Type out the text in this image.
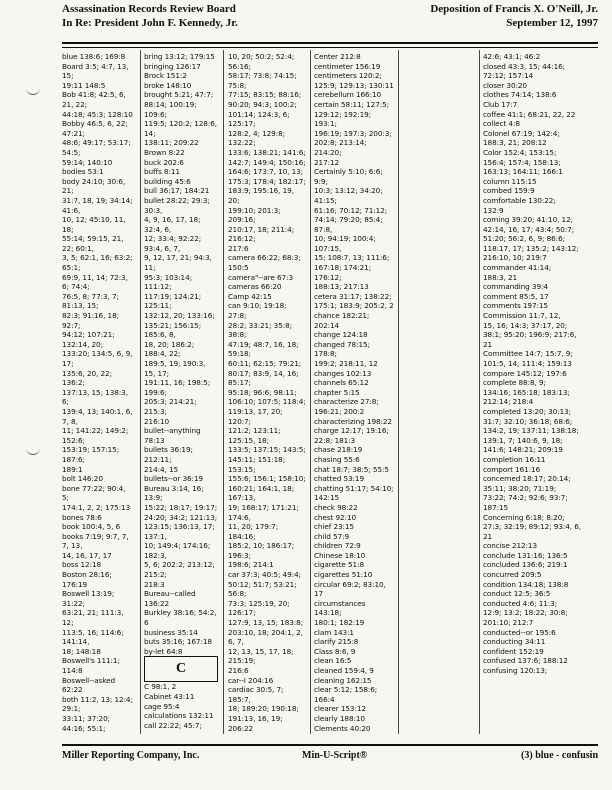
Assassination Records Review Board
In Re: President John F. Kennedy, Jr.
Deposition of Francis X. O'Neill, Jr.
September 12, 1997
blue 138:6; 169:8
Board 3:5; 4:7, 13, 15;
19:11 148:5
Bob 41:8; 42:5, 6, 21, 22;
44:18; 45:3; 128:10
Bobby 46:5, 6, 22; 47:21;
48:6; 49:17; 53:17; 54:5;
59:14; 140:10
bodies 53:1
body 24:10; 30:6, 21;
31:7, 18, 19; 34:14; 41:6,
10, 12; 45:10, 11, 18;
55:14; 59:15, 21, 22; 60:1,
3, 5; 62:1, 16; 63:2; 65:1;
69:9, 11, 14; 72:3, 6; 74:4;
76:5, 8; 77:3, 7; 81:13, 15;
82:3; 91:16, 18; 92:7;
94:12; 107:21; 132:14, 20;
133:20; 134:5, 6, 9, 17;
135:6, 20, 22; 136:2;
137:13, 15; 138:3, 6;
139:4, 13; 140:1, 6, 7, 8,
11; 141:22; 149:2; 152:6;
153:19; 157:15; 187:6;
189:1
bolt 146:20
bone 77:22; 90:4, 5;
174:1, 2, 2; 175:13
bones 78:6
book 100:4, 5, 6
books 7:19; 9:7, 7, 7, 13,
14, 16, 17, 17
boss 12:18
Boston 28:16; 176:19
Boswell 13:19; 31:22;
63:21, 21; 111:3, 12;
113:5, 16; 114:6; 141:14,
18; 148:18
Boswell's 111:1; 114:8
Boswell--asked 62:22
both 11:2, 13; 12:4; 29:1;
33:11; 37:20; 44:16; 55:1;
bring 13:12; 179:15
bringing 126:17
Brock 151:2
broke 148:10
brought 5:21; 47:7;
88:14; 100:19; 109:6;
119:5; 120:2; 128:6, 14;
138:11; 209:22
Brown 8:22
buck 202:6
buffs 8:11
building 45:6
bull 36:17; 184:21
bullet 28:22; 29:3; 30:3,
4, 9, 16, 17, 18; 32:4, 6,
12; 33:4; 92:22; 93:4, 6, 7,
9, 12, 17, 21; 94:3, 11;
95:3; 103:14; 111:12;
117:19; 124:21; 125:11;
132:12, 20; 133:16;
135:21; 156:15; 185:6, 8,
18, 20; 186:2; 188:4, 22;
189:5, 19; 190:3, 15, 17;
191:11, 16; 198:5; 199:6;
205:3; 214:21; 215:3;
216:10
bullet--anything 78:13
bullets 36:19; 212:11;
214:4, 15
bullets--or 36:19
Bureau 3:14, 16; 13:9;
15:22; 18:17; 19:17;
24:20; 34:2; 121:13;
123:15; 136:13, 17; 137:1,
10; 149:4; 174:16; 182:3,
5, 6; 202:2; 213:12; 215:2;
218:3
Bureau--called 136:22
Burkley 38:16; 54:2, 6
business 35:14
buts 35:16; 167:18
by-let 64:8
C
C 98:1, 2
Cabinet 43:11
cage 95:4
calculations 132:11
call 22:22; 45:7;
10, 20; 50:2; 52:4; 56:16;
58:17; 73:8; 74:15; 75:8;
77:15; 83:15; 88:16;
90:20; 94:3; 100:2;
101:14; 124:3, 6; 125:17;
128:2, 4; 129:8; 132:22;
133:6; 138:21; 141:6;
142:7; 149:4; 150:16;
164:6; 173:7, 10, 13;
175:3; 178:4; 182:17;
183:9; 195:16, 19, 20;
199:10; 201:3; 209:16;
210:17, 18; 211:4; 216:12;
217:6
camera 66:22; 68:3;
150:5
camera"--are 67:3
cameras 66:20
Camp 42:15
can 9:10; 19:18; 27:8;
28:2; 33:21; 35:8; 38:8;
47:19; 48:7, 16, 18; 59:18;
60:11; 62:15; 79:21;
80:17; 83:9, 14, 16; 85:17;
95:18; 96:6; 98:11;
106:10; 107:5; 118:4;
119:13, 17, 20; 120:7;
121:2; 123:11; 125:15, 18;
133:5; 137:15; 143:5;
145:11; 151:18; 153:15;
155:6; 156:1; 158:10;
160:21; 164:1, 18; 167:13,
19; 168:17; 171:21; 174:6,
11, 20; 179:7; 184:16;
185:2, 10; 186:17; 196:3;
198:6; 214:1
car 37:3; 40:5; 49:4;
50:12; 51:7; 53:21; 56:8;
73:3; 125:19, 20; 126:17;
127:9, 13, 15; 183:8;
203:10, 18; 204:1, 2, 6, 7,
12, 13, 15, 17, 18; 215:19;
216:6
car--I 204:16
cardiac 30:5, 7; 185:7,
18; 189:20; 190:18;
191:13, 16, 19; 206:22
Center 212:8
centimeter 156:19
centimeters 120:2;
125:9; 129:13; 130:11
cerebellum 166:10
certain 58:11; 127:5;
129:12; 192:19; 193:1;
196:19; 197:3; 200:3;
202:8; 213:14; 214:20;
217:12
Certainly 5:10; 6:6; 9:9;
10:3; 13:12; 34:20; 41:15;
61:16; 70:12; 71:12;
74:14; 79:20; 85:4; 87:8,
10; 94:19; 100:4; 107:15,
15; 108:7, 13; 111:6;
167:18; 174:21; 176:12;
188:13; 217:13
cetera 31:17; 138:22;
175:1; 183:9; 205:2, 2
chance 182:21; 202:14
change 124:18
changed 78:15; 178:8;
199:2; 218:11, 12
changes 102:13
channels 65:12
chapter 5:15
characterize 27:8;
196:21; 200:2
characterizing 198:22
charge 12:17; 19:16;
22:8; 181:3
chase 218:19
chasing 55:6
chat 18:7; 38:5; 55:5
chatted 53:19
chatting 51:17; 54:10;
142:15
check 98:22
chest 92:10
chief 23:15
child 57:9
children 72:9
Chinese 18:10
cigarette 51:8
cigarettes 51:10
circular 69:2; 83:10, 17
circumstances 143:18;
180:1; 182:19
clam 143:1
clarify 215:8
Class 8:6, 9
clean 16:5
cleaned 159:4, 9
cleaning 162:15
clear 5:12; 158:6; 166:4
clearer 153:12
clearly 188:10
Clements 40:20
42:6; 43:1; 46:2
closed 43:3, 15; 44:16;
72:12; 157:14
closer 30:20
clothes 74:14; 138:6
Club 17:7
coffee 41:1; 68:21, 22, 22
collect 4:8
Colonel 67:19; 142:4;
188:3, 21; 208:12
Color 152:4; 153:15;
156:4; 157:4; 158:13;
163:13; 164:11; 166:1
column 115:15
combed 159:9
comfortable 130:22;
132:9
coming 39:20; 41:10, 12;
42:14, 16, 17; 43:4; 50:7;
51:20; 56:2, 6, 9; 86:6;
118:17, 17; 135:2; 143:12;
216:10, 10; 219:7
commander 41:14;
188:3, 21
commanding 39:4
comment 85:5, 17
comments 197:15
Commission 11:7, 12,
15, 16; 14:3; 37:17, 20;
38:1; 95:20; 196:9; 217:6,
21
Committee 14:7; 15:7, 9;
101:5, 14; 111:4; 159:13
compare 145:12; 197:6
complete 88:8, 9;
134:16; 165:18; 183:13;
212:14; 218:4
completed 13:20; 30:13;
31:7; 32:10; 36:18; 68:6;
134:2, 19; 137:11; 138:18;
139:1, 7; 140:6, 9, 18;
141:6; 148:21; 209:19
completion 16:11
comport 161:16
concerned 18:17; 20:14;
35:11; 38:20; 71:19;
73:22; 74:2; 92:6; 93:7;
187:15
Concerning 6:18; 8:20;
27:3; 32:19; 89:12; 93:4, 6,
21
concise 212:13
conclude 131:16; 136:5
concluded 136:6; 219:1
concurred 209:5
condition 134:18; 138:8
conduct 12:5; 36:5
conducted 4:6; 11:3;
12:9; 13:2; 18:22; 30:8;
201:10; 212:7
conducted--or 195:6
conducting 34:11
confident 152:19
confused 137:6; 188:12
confusing 120:13;
Miller Reporting Company, Inc.	Min-U-Script®	(3) blue - confusin
